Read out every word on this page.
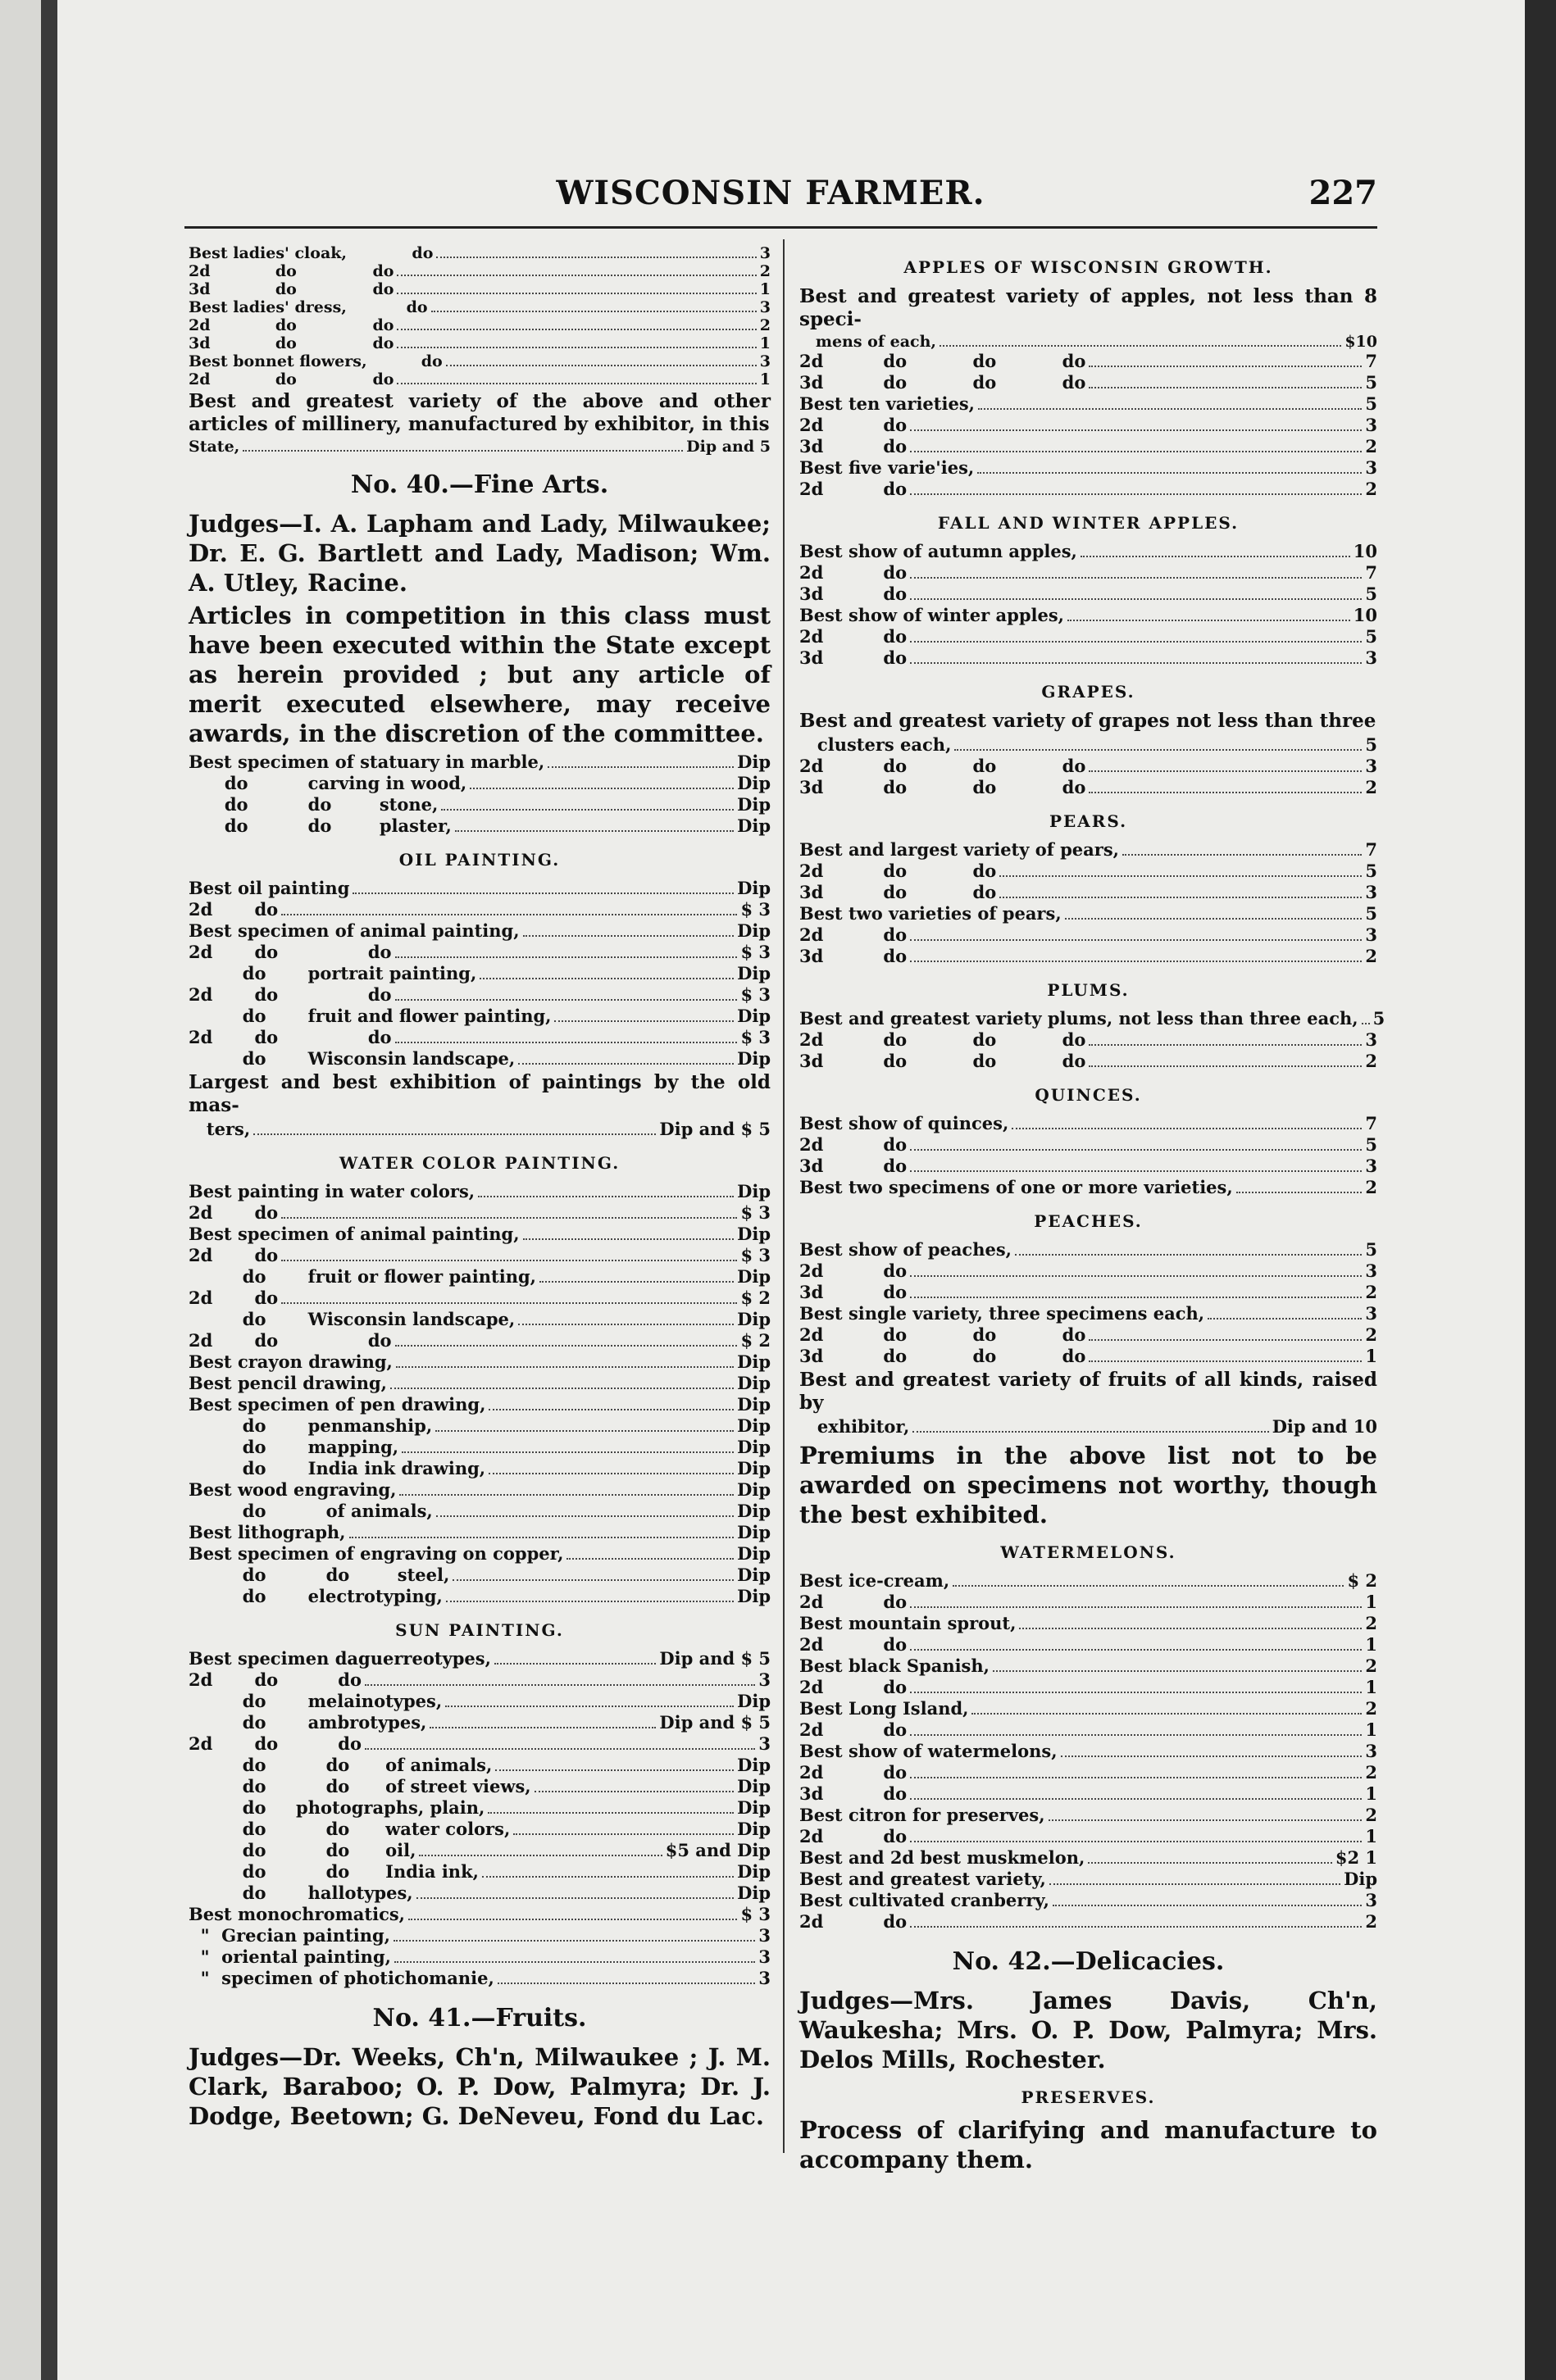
WISCONSIN FARMER.	227
Best ladies' cloak,            do	3
2d            do              do	2
3d            do              do	1
Best ladies' dress,           do	3
2d            do              do	2
3d            do              do	1
Best bonnet flowers,          do	3
2d            do              do	1
Best and greatest variety of the above and other articles of millinery, manufactured by exhibitor, in this
State,	Dip and 5
No. 40.—Fine Arts.
Judges—I. A. Lapham and Lady, Milwaukee; Dr. E. G. Bartlett and Lady, Madison; Wm. A. Utley, Racine.
Articles in competition in this class must have been executed within the State except as herein provided ; but any article of merit executed elsewhere, may receive awards, in the discretion of the committee.
Best specimen of statuary in marble,	Dip
do          carving in wood,	Dip
do          do        stone,	Dip
do          do        plaster,	Dip
OIL PAINTING.
Best oil painting	Dip
2d       do	$ 3
Best specimen of animal painting,	Dip
2d       do               do	$ 3
do       portrait painting,	Dip
2d       do               do	$ 3
do       fruit and flower painting,	Dip
2d       do               do	$ 3
do       Wisconsin landscape,	Dip
Largest and best exhibition of paintings by the old mas-
ters,	Dip and $ 5
WATER COLOR PAINTING.
Best painting in water colors,	Dip
2d       do	$ 3
Best specimen of animal painting,	Dip
2d       do	$ 3
do       fruit or flower painting,	Dip
2d       do	$ 2
do       Wisconsin landscape,	Dip
2d       do               do	$ 2
Best crayon drawing,	Dip
Best pencil drawing,	Dip
Best specimen of pen drawing,	Dip
do       penmanship,	Dip
do       mapping,	Dip
do       India ink drawing,	Dip
Best wood engraving,	Dip
do          of animals,	Dip
Best lithograph,	Dip
Best specimen of engraving on copper,	Dip
do          do        steel,	Dip
do       electrotyping,	Dip
SUN PAINTING.
Best specimen daguerreotypes,	Dip and $ 5
2d       do          do	3
do       melainotypes,	Dip
do       ambrotypes,	Dip and $ 5
2d       do          do	3
do          do      of animals,	Dip
do          do      of street views,	Dip
do     photographs, plain,	Dip
do          do      water colors,	Dip
do          do      oil,	$5 and Dip
do          do      India ink,	Dip
do       hallotypes,	Dip
Best monochromatics,	$ 3
"  Grecian painting,	3
"  oriental painting,	3
"  specimen of photichomanie,	3
No. 41.—Fruits.
Judges—Dr. Weeks, Ch'n, Milwaukee ; J. M. Clark, Baraboo; O. P. Dow, Palmyra; Dr. J. Dodge, Beetown; G. DeNeveu, Fond du Lac.
APPLES OF WISCONSIN GROWTH.
Best and greatest variety of apples, not less than 8 speci-
mens of each,	$10
2d          do           do           do	7
3d          do           do           do	5
Best ten varieties,	5
2d          do	3
3d          do	2
Best five varie'ies,	3
2d          do	2
FALL AND WINTER APPLES.
Best show of autumn apples,	10
2d          do	7
3d          do	5
Best show of winter apples,	10
2d          do	5
3d          do	3
GRAPES.
Best and greatest variety of grapes not less than three
clusters each,	5
2d          do           do           do	3
3d          do           do           do	2
PEARS.
Best and largest variety of pears,	7
2d          do           do	5
3d          do           do	3
Best two varieties of pears,	5
2d          do	3
3d          do	2
PLUMS.
Best and greatest variety plums, not less than three each, 5
2d          do           do           do	3
3d          do           do           do	2
QUINCES.
Best show of quinces,	7
2d          do	5
3d          do	3
Best two specimens of one or more varieties,	2
PEACHES.
Best show of peaches,	5
2d          do	3
3d          do	2
Best single variety, three specimens each,	3
2d          do           do           do	2
3d          do           do           do	1
Best and greatest variety of fruits of all kinds, raised by
exhibitor,	Dip and 10
Premiums in the above list not to be awarded on specimens not worthy, though the best exhibited.
WATERMELONS.
Best ice-cream,	$ 2
2d          do	1
Best mountain sprout,	2
2d          do	1
Best black Spanish,	2
2d          do	1
Best Long Island,	2
2d          do	1
Best show of watermelons,	3
2d          do	2
3d          do	1
Best citron for preserves,	2
2d          do	1
Best and 2d best muskmelon,	$2 1
Best and greatest variety,	Dip
Best cultivated cranberry,	3
2d          do	2
No. 42.—Delicacies.
Judges—Mrs. James Davis, Ch'n, Waukesha; Mrs. O. P. Dow, Palmyra; Mrs. Delos Mills, Rochester.
PRESERVES.
Process of clarifying and manufacture to accompany them.
